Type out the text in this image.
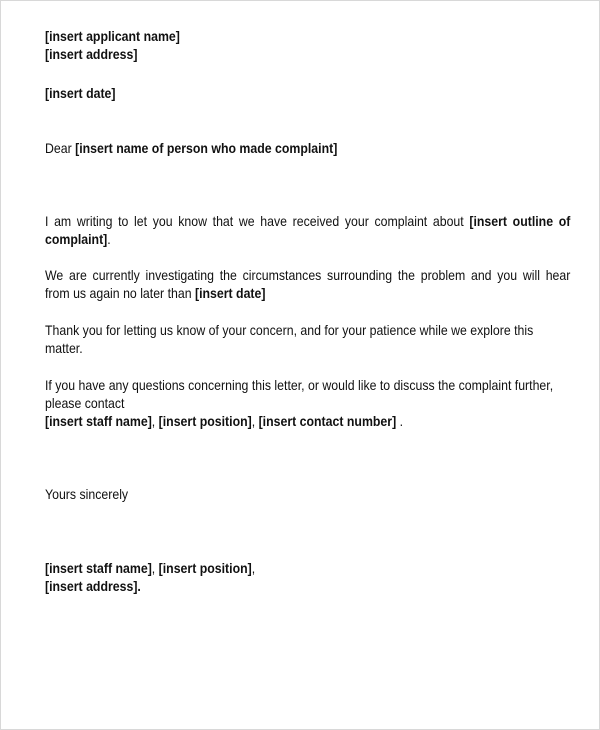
[insert applicant name]
[insert address]
[insert date]
Dear [insert name of person who made complaint]

I am writing to let you know that we have received your complaint about [insert outline of complaint].

We are currently investigating the circumstances surrounding the problem and you will hear from us again no later than [insert date]

Thank you for letting us know of your concern, and for your patience while we explore this
matter.
If you have any questions concerning this letter, or would like to discuss the complaint further,
please contact
[insert staff name], [insert position], [insert contact number] .
Yours sincerely
[insert staff name], [insert position],
[insert address].
